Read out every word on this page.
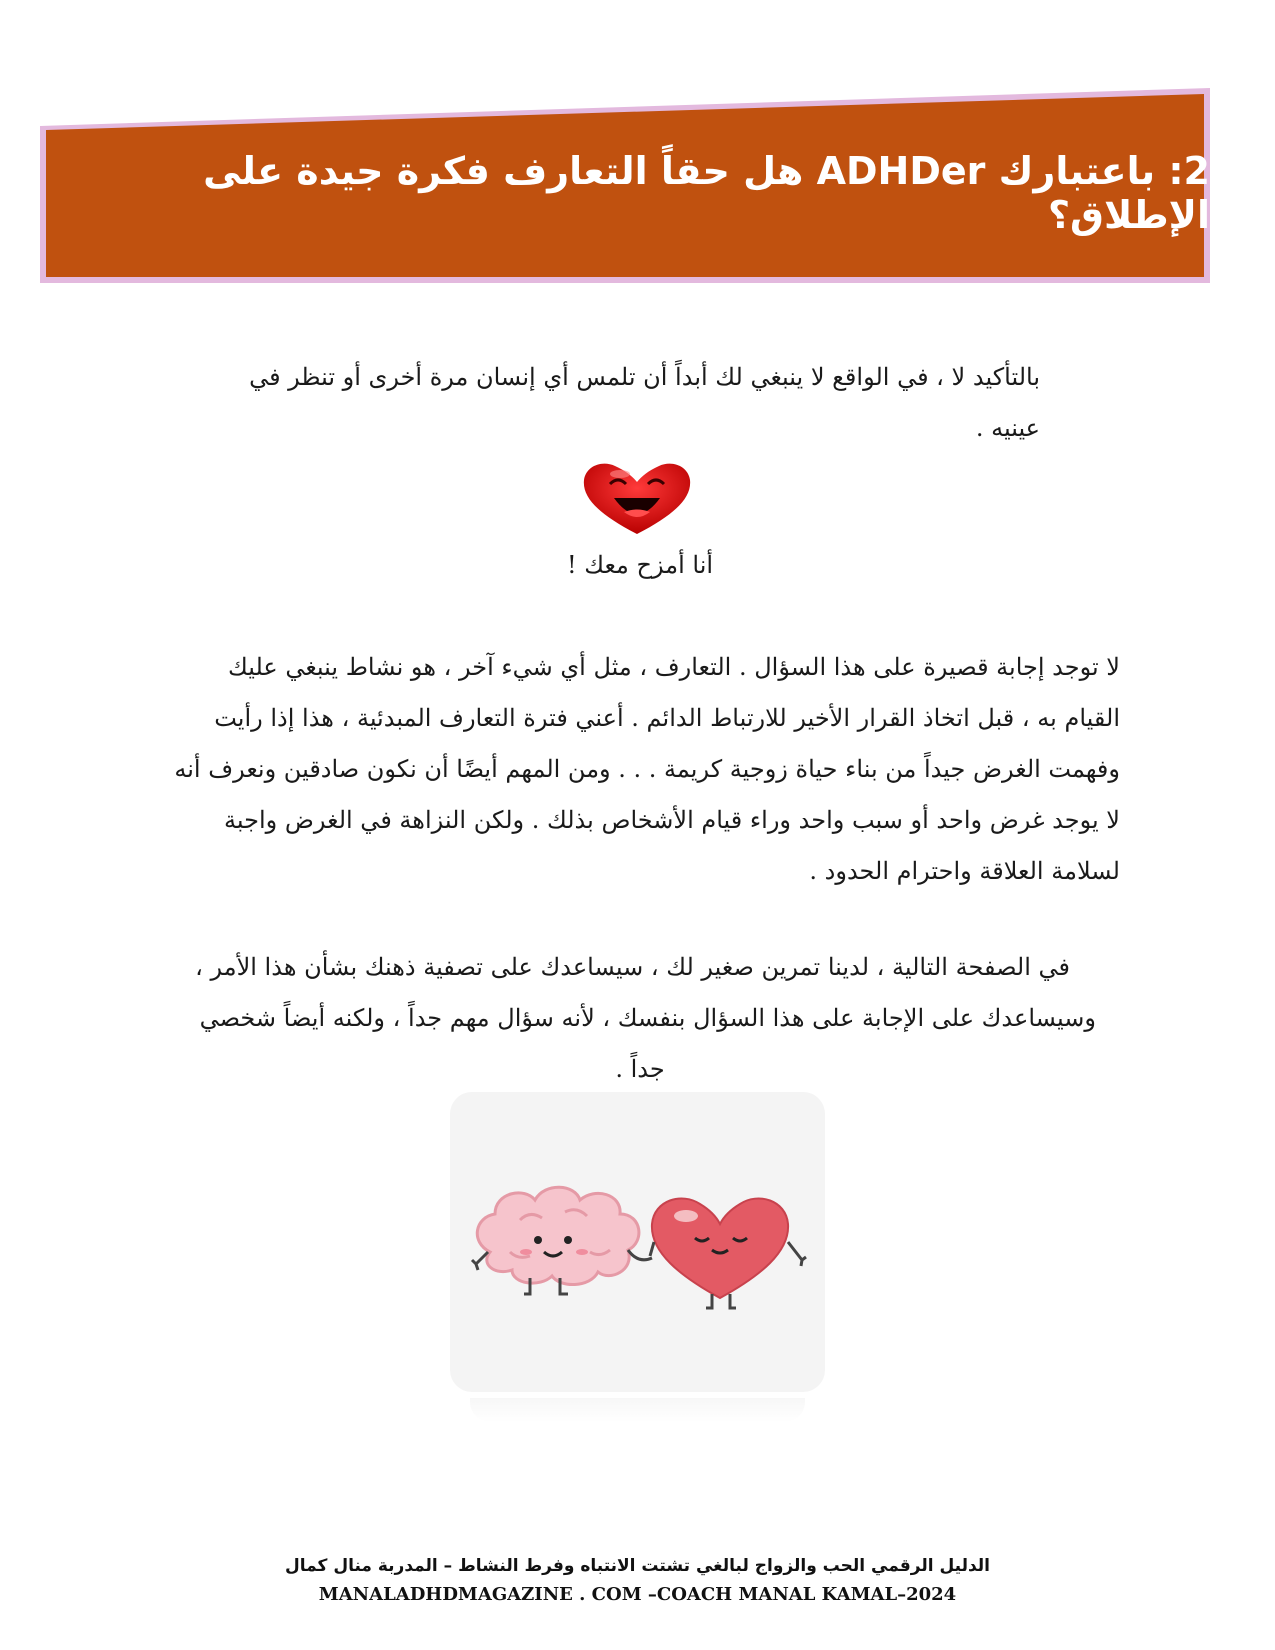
2: باعتبارك ADHDer هل حقاً التعارف فكرة جيدة على الإطلاق؟

بالتأكيد لا ، في الواقع لا ينبغي لك أبداً أن تلمس أي إنسان مرة أخرى أو تنظر في عينيه .

أنا أمزح معك !

لا توجد إجابة قصيرة على هذا السؤال . التعارف ، مثل أي شيء آخر ، هو نشاط ينبغي عليك

القيام به ، قبل اتخاذ القرار الأخير للارتباط الدائم . أعني فترة التعارف المبدئية ، هذا إذا رأيت

وفهمت الغرض جيداً من بناء حياة زوجية كريمة . . . ومن المهم أيضًا أن نكون صادقين ونعرف أنه

لا يوجد غرض واحد أو سبب واحد وراء قيام الأشخاص بذلك . ولكن النزاهة في الغرض واجبة

لسلامة العلاقة واحترام الحدود .

في الصفحة التالية ، لدينا تمرين صغير لك ، سيساعدك على تصفية ذهنك بشأن هذا الأمر ،

وسيساعدك على الإجابة على هذا السؤال بنفسك ، لأنه سؤال مهم جداً ، ولكنه أيضاً شخصي

جداً .

الدليل الرقمي الحب والزواج لبالغي تشتت الانتباه وفرط النشاط – المدربة منال كمال
MANALADHDMAGAZINE . COM –COACH MANAL KAMAL–2024
